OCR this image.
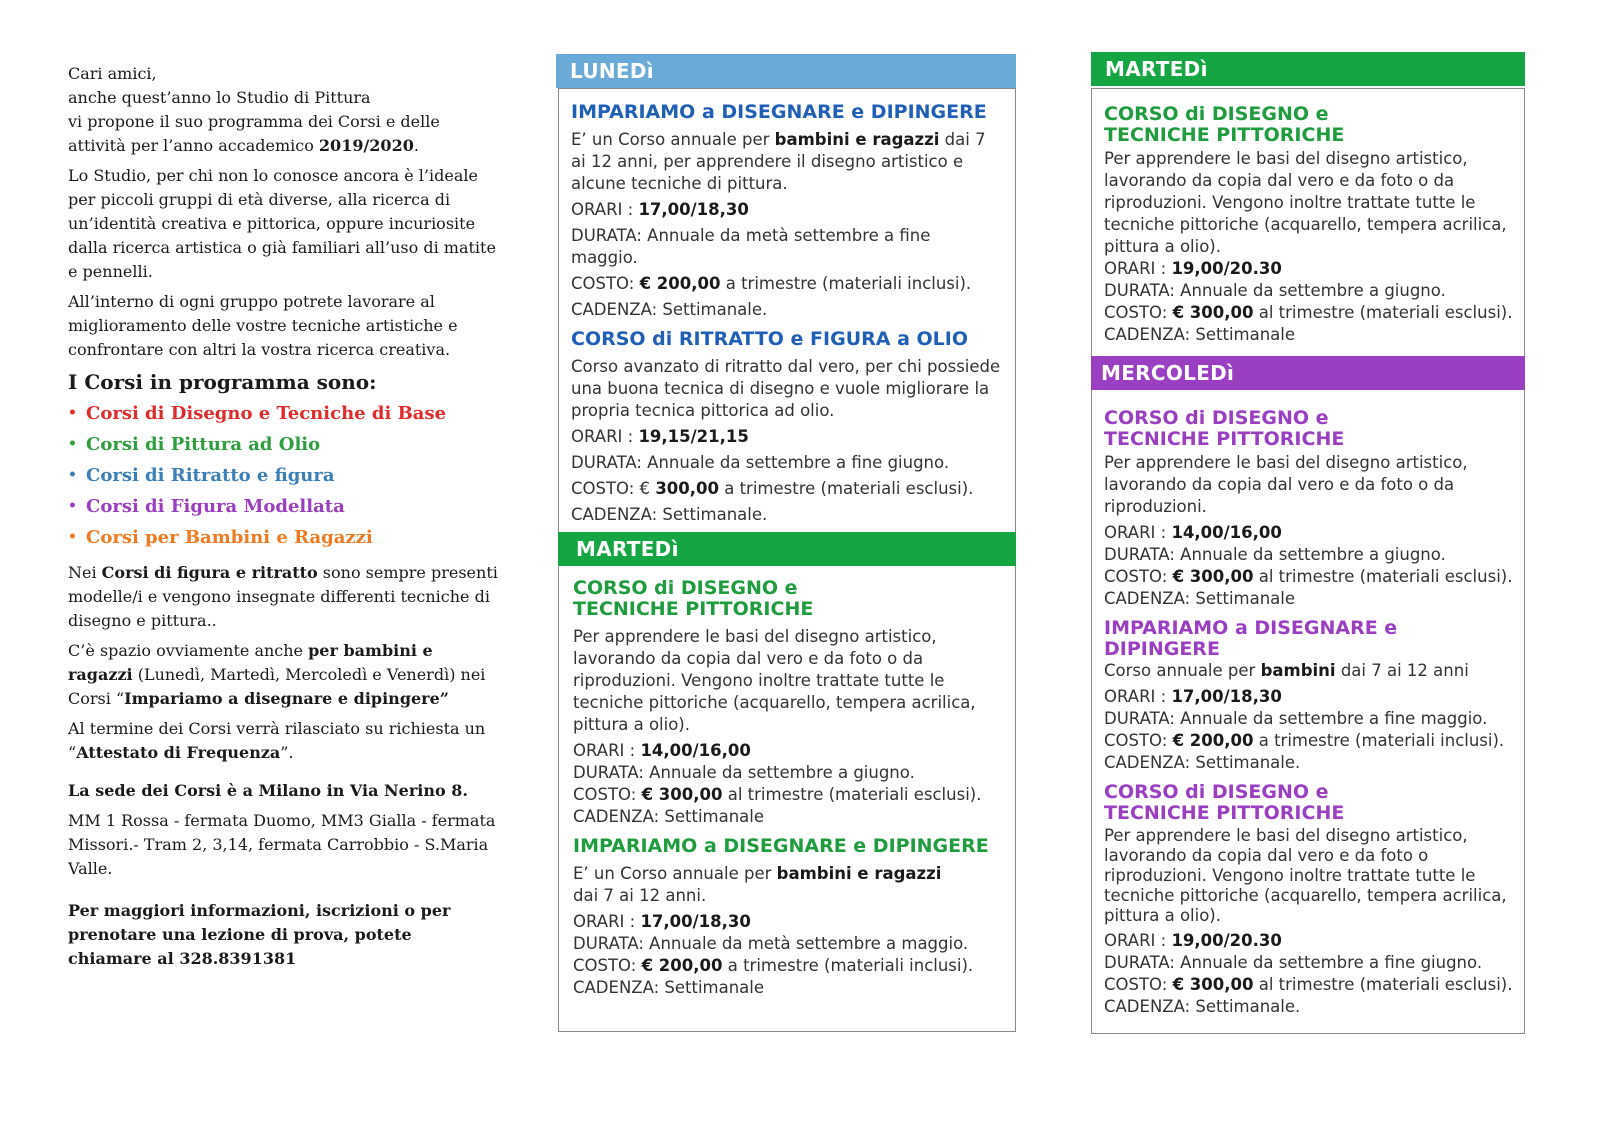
Cari amici,
anche quest’anno lo Studio di Pittura
vi propone il suo programma dei Corsi e delle
attività per l’anno accademico 2019/2020.

Lo Studio, per chi non lo conosce ancora è l’ideale per piccoli gruppi di età diverse, alla ricerca di un’identità creativa e pittorica, oppure incuriosite dalla ricerca artistica o già familiari all’uso di matite e pennelli.

All’interno di ogni gruppo potrete lavorare al miglioramento delle vostre tecniche artistiche e confrontare con altri la vostra ricerca creativa.

I Corsi in programma sono:
• Corsi di Disegno e Tecniche di Base
• Corsi di Pittura ad Olio
• Corsi di Ritratto e figura
• Corsi di Figura Modellata
• Corsi per Bambini e Ragazzi

Nei Corsi di figura e ritratto sono sempre presenti modelle/i e vengono insegnate differenti tecniche di disegno e pittura..

C’è spazio ovviamente anche per bambini e ragazzi (Lunedì, Martedì, Mercoledì e Venerdì) nei Corsi “Impariamo a disegnare e dipingere”

Al termine dei Corsi verrà rilasciato su richiesta un “Attestato di Frequenza”.

La sede dei Corsi è a Milano in Via Nerino 8.

MM 1 Rossa - fermata Duomo, MM3 Gialla - fermata Missori.- Tram 2, 3,14, fermata Carrobbio - S.Maria Valle.

Per maggiori informazioni, iscrizioni o per prenotare una lezione di prova, potete chiamare al 328.8391381

LUNEDì
IMPARIAMO a DISEGNARE e DIPINGERE
E’ un Corso annuale per bambini e ragazzi dai 7 ai 12 anni, per apprendere il disegno artistico e alcune tecniche di pittura.
ORARI : 17,00/18,30
DURATA: Annuale da metà settembre a fine maggio.
COSTO: € 200,00 a trimestre (materiali inclusi).
CADENZA: Settimanale.
CORSO di RITRATTO e FIGURA a OLIO
Corso avanzato di ritratto dal vero, per chi possiede una buona tecnica di disegno e vuole migliorare la propria tecnica pittorica ad olio.
ORARI : 19,15/21,15
DURATA: Annuale da settembre a fine giugno.
COSTO: € 300,00 a trimestre (materiali esclusi).
CADENZA: Settimanale.
MARTEDì
CORSO di DISEGNO e
TECNICHE PITTORICHE
Per apprendere le basi del disegno artistico, lavorando da copia dal vero e da foto o da riproduzioni. Vengono inoltre trattate tutte le tecniche pittoriche (acquarello, tempera acrilica, pittura a olio).
ORARI : 14,00/16,00
DURATA: Annuale da settembre a giugno.
COSTO: € 300,00 al trimestre (materiali esclusi).
CADENZA: Settimanale
IMPARIAMO a DISEGNARE e DIPINGERE
E’ un Corso annuale per bambini e ragazzi
dai 7 ai 12 anni.
ORARI : 17,00/18,30
DURATA: Annuale da metà settembre a maggio.
COSTO: € 200,00 a trimestre (materiali inclusi).
CADENZA: Settimanale
MARTEDì
CORSO di DISEGNO e
TECNICHE PITTORICHE
Per apprendere le basi del disegno artistico, lavorando da copia dal vero e da foto o da riproduzioni. Vengono inoltre trattate tutte le tecniche pittoriche (acquarello, tempera acrilica, pittura a olio).
ORARI : 19,00/20.30
DURATA: Annuale da settembre a giugno.
COSTO: € 300,00 al trimestre (materiali esclusi).
CADENZA: Settimanale
MERCOLEDì
CORSO di DISEGNO e
TECNICHE PITTORICHE
Per apprendere le basi del disegno artistico, lavorando da copia dal vero e da foto o da riproduzioni.
ORARI : 14,00/16,00
DURATA: Annuale da settembre a giugno.
COSTO: € 300,00 al trimestre (materiali esclusi).
CADENZA: Settimanale
IMPARIAMO a DISEGNARE e DIPINGERE
Corso annuale per bambini dai 7 ai 12 anni
ORARI : 17,00/18,30
DURATA: Annuale da settembre a fine maggio.
COSTO: € 200,00 a trimestre (materiali inclusi).
CADENZA: Settimanale.
CORSO di DISEGNO e
TECNICHE PITTORICHE
Per apprendere le basi del disegno artistico, lavorando da copia dal vero e da foto o riproduzioni. Vengono inoltre trattate tutte le tecniche pittoriche (acquarello, tempera acrilica, pittura a olio).
ORARI : 19,00/20.30
DURATA: Annuale da settembre a fine giugno.
COSTO: € 300,00 al trimestre (materiali esclusi).
CADENZA: Settimanale.
